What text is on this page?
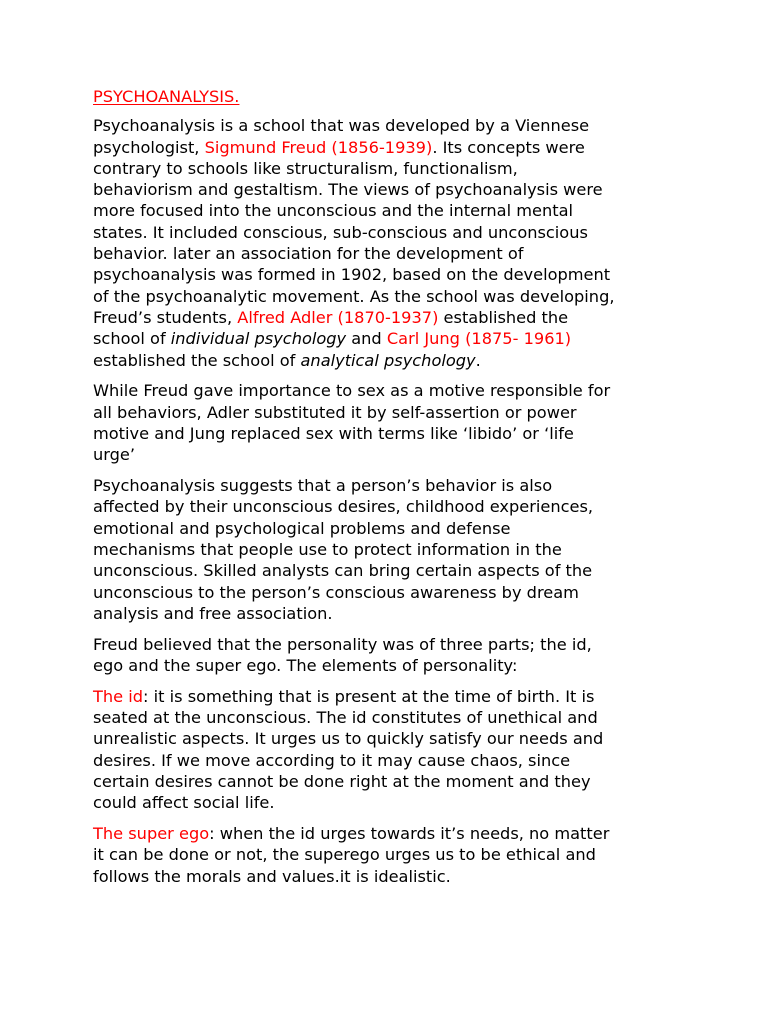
PSYCHOANALYSIS.

Psychoanalysis is a school that was developed by a Viennese
psychologist, Sigmund Freud (1856-1939). Its concepts were
contrary to schools like structuralism, functionalism,
behaviorism and gestaltism. The views of psychoanalysis were
more focused into the unconscious and the internal mental
states. It included conscious, sub-conscious and unconscious
behavior. later an association for the development of
psychoanalysis was formed in 1902, based on the development
of the psychoanalytic movement. As the school was developing,
Freud’s students, Alfred Adler (1870-1937) established the
school of individual psychology and Carl Jung (1875- 1961)
established the school of analytical psychology.

While Freud gave importance to sex as a motive responsible for
all behaviors, Adler substituted it by self-assertion or power
motive and Jung replaced sex with terms like ‘libido’ or ‘life
urge’

Psychoanalysis suggests that a person’s behavior is also
affected by their unconscious desires, childhood experiences,
emotional and psychological problems and defense
mechanisms that people use to protect information in the
unconscious. Skilled analysts can bring certain aspects of the
unconscious to the person’s conscious awareness by dream
analysis and free association.

Freud believed that the personality was of three parts; the id,
ego and the super ego. The elements of personality:

The id: it is something that is present at the time of birth. It is
seated at the unconscious. The id constitutes of unethical and
unrealistic aspects. It urges us to quickly satisfy our needs and
desires. If we move according to it may cause chaos, since
certain desires cannot be done right at the moment and they
could affect social life.

The super ego: when the id urges towards it’s needs, no matter
it can be done or not, the superego urges us to be ethical and
follows the morals and values.it is idealistic.
